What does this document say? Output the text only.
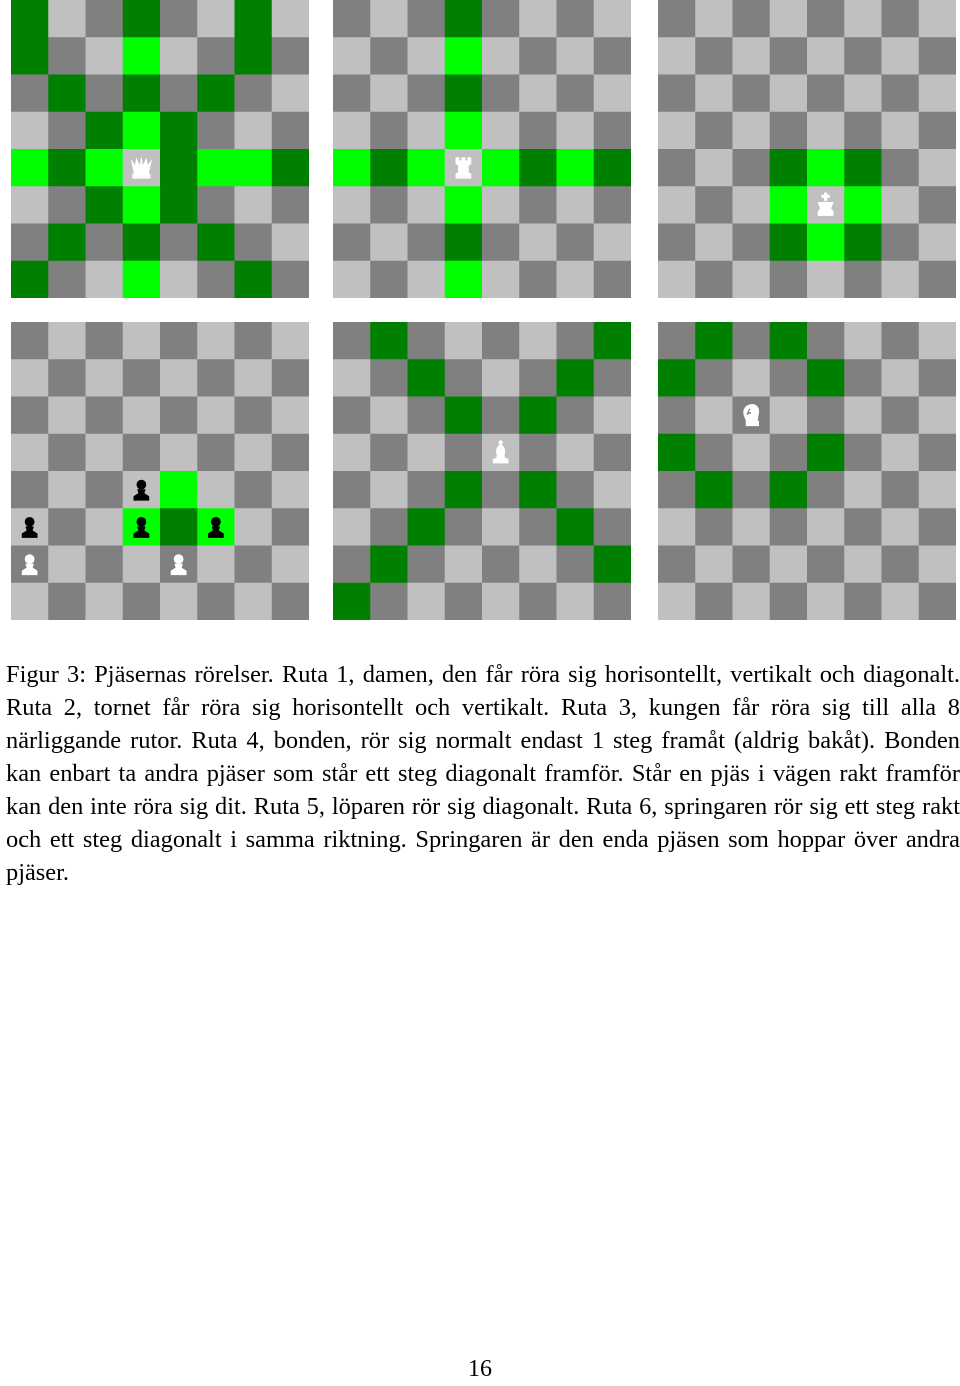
Figur 3: Pjäsernas rörelser. Ruta 1, damen, den får röra sig horisontellt, vertikalt och diagonalt. Ruta 2, tornet får röra sig horisontellt och vertikalt. Ruta 3, kungen får röra sig till alla 8 närliggande rutor. Ruta 4, bonden, rör sig normalt endast 1 steg framåt (aldrig bakåt). Bonden kan enbart ta andra pjäser som står ett steg diagonalt framför. Står en pjäs i vägen rakt framför kan den inte röra sig dit. Ruta 5, löparen rör sig diagonalt. Ruta 6, springaren rör sig ett steg rakt och ett steg diagonalt i samma riktning. Springaren är den enda pjäsen som hoppar över andra pjäser.

16
